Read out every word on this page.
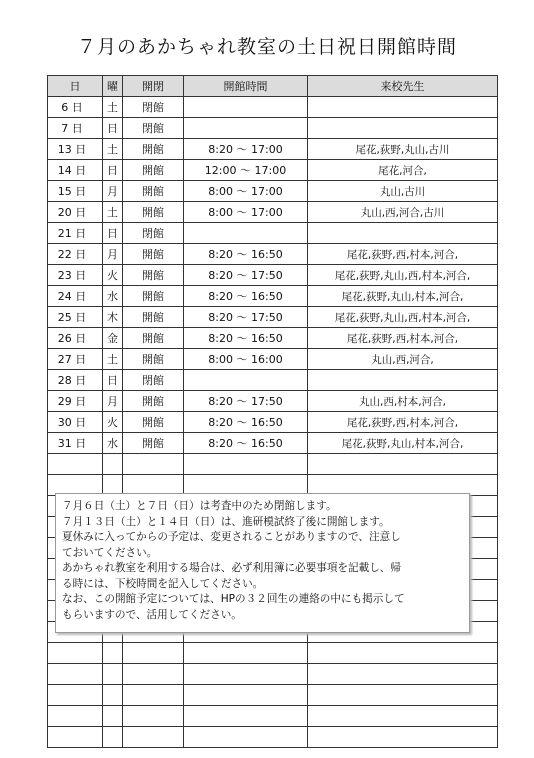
７月のあかちゃれ教室の土日祝日開館時間
日	曜	開閉	開館時間	来校先生
6 日	土	閉館		
7 日	日	閉館		
13 日	土	開館	8:20 ～ 17:00	尾花,荻野,丸山,古川
14 日	日	開館	12:00 ～ 17:00	尾花,河合,
15 日	月	開館	8:00 ～ 17:00	丸山,古川
20 日	土	開館	8:00 ～ 17:00	丸山,西,河合,古川
21 日	日	閉館		
22 日	月	開館	8:20 ～ 16:50	尾花,荻野,西,村本,河合,
23 日	火	開館	8:20 ～ 17:50	尾花,荻野,丸山,西,村本,河合,
24 日	水	開館	8:20 ～ 16:50	尾花,荻野,丸山,村本,河合,
25 日	木	開館	8:20 ～ 17:50	尾花,荻野,丸山,西,村本,河合,
26 日	金	開館	8:20 ～ 16:50	尾花,荻野,西,村本,河合,
27 日	土	開館	8:00 ～ 16:00	丸山,西,河合,
28 日	日	閉館		
29 日	月	開館	8:20 ～ 17:50	丸山,西,村本,河合,
30 日	火	開館	8:20 ～ 16:50	尾花,荻野,西,村本,河合,
31 日	水	開館	8:20 ～ 16:50	尾花,荻野,丸山,村本,河合,

７月６日（土）と７日（日）は考査中のため閉館します。
７月１３日（土）と１４日（日）は、進研模試終了後に開館します。
夏休みに入ってからの予定は、変更されることがありますので、注意し
ておいてください。
あかちゃれ教室を利用する場合は、必ず利用簿に必要事項を記載し、帰
る時には、下校時間を記入してください。
なお、この開館予定については、HPの３２回生の連絡の中にも掲示して
もらいますので、活用してください。
